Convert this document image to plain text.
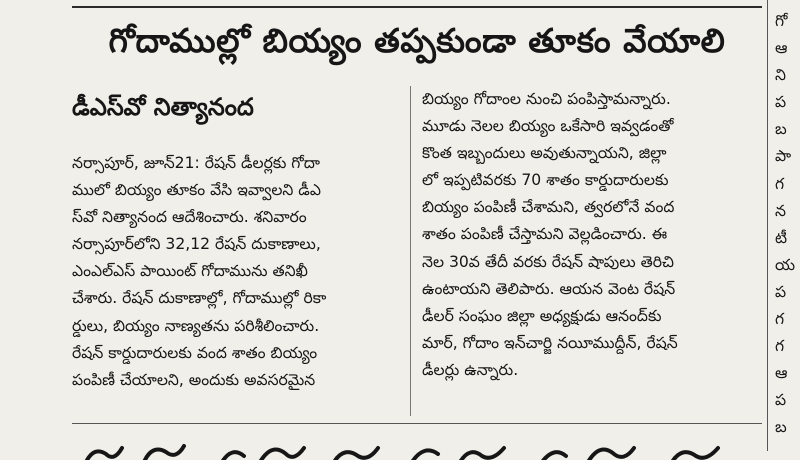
గోదాముల్లో బియ్యం తప్పకుండా తూకం వేయాలి
డీఎస్‌వో నిత్యానంద
నర్సాపూర్, జూన్21: రేషన్ డీలర్లకు గోదా
ములో బియ్యం తూకం వేసి ఇవ్వాలని డీఎ
స్‌వో నిత్యానంద ఆదేశించారు. శనివారం
నర్సాపూర్‌లోని 32,12 రేషన్ దుకాణాలు,
ఎంఎల్ఎస్ పాయింట్ గోదామును తనిఖీ
చేశారు. రేషన్ దుకాణాల్లో, గోదాముల్లో రికా
ర్డులు, బియ్యం నాణ్యతను పరిశీలించారు.
రేషన్ కార్డుదారులకు వంద శాతం బియ్యం
పంపిణీ చేయాలని, అందుకు అవసరమైన
బియ్యం గోదాంల నుంచి పంపిస్తామన్నారు.
మూడు నెలల బియ్యం ఒకేసారి ఇవ్వడంతో
కొంత ఇబ్బందులు అవుతున్నాయని, జిల్లా
లో ఇప్పటివరకు 70 శాతం కార్డుదారులకు
బియ్యం పంపిణీ చేశామని, త్వరలోనే వంద
శాతం పంపిణీ చేస్తామని వెల్లడించారు. ఈ
నెల 30వ తేదీ వరకు రేషన్ షాపులు తెరిచి
ఉంటాయని తెలిపారు. ఆయన వెంట రేషన్
డీలర్ సంఘం జిల్లా అధ్యక్షుడు ఆనంద్‌కు
మార్, గోదాం ఇన్‌చార్జి నయీముద్దీన్, రేషన్
డీలర్లు ఉన్నారు.
గో
ఆ
ని
ప
బ
పా
గ
న
టీ
య
ప
గ
గ
ఆ
ప
బ
